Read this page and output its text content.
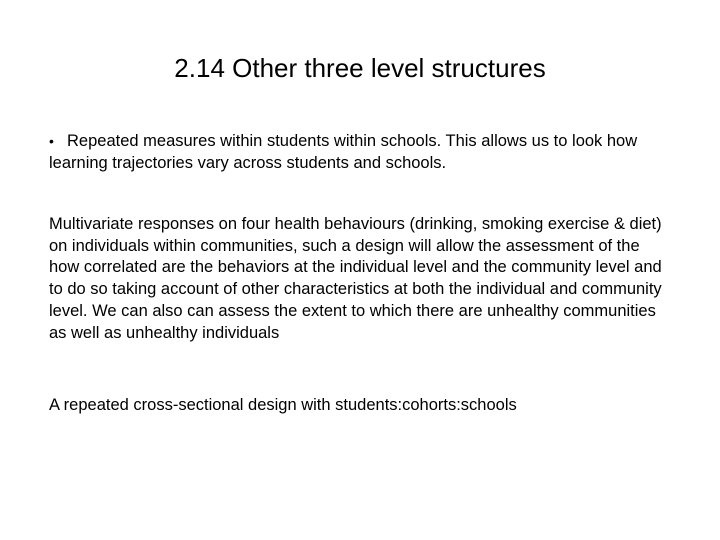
2.14 Other three level structures
• Repeated measures within students within schools. This allows us to look how learning trajectories vary across students and schools.
Multivariate responses on four health behaviours (drinking, smoking exercise & diet) on individuals within communities, such a design will allow the assessment of the how correlated are the behaviors at the individual level and the community level and to do so taking account of other characteristics at both the individual and community level. We can also can assess the extent to which there are unhealthy communities as well as unhealthy individuals
A repeated cross-sectional design with students:cohorts:schools
